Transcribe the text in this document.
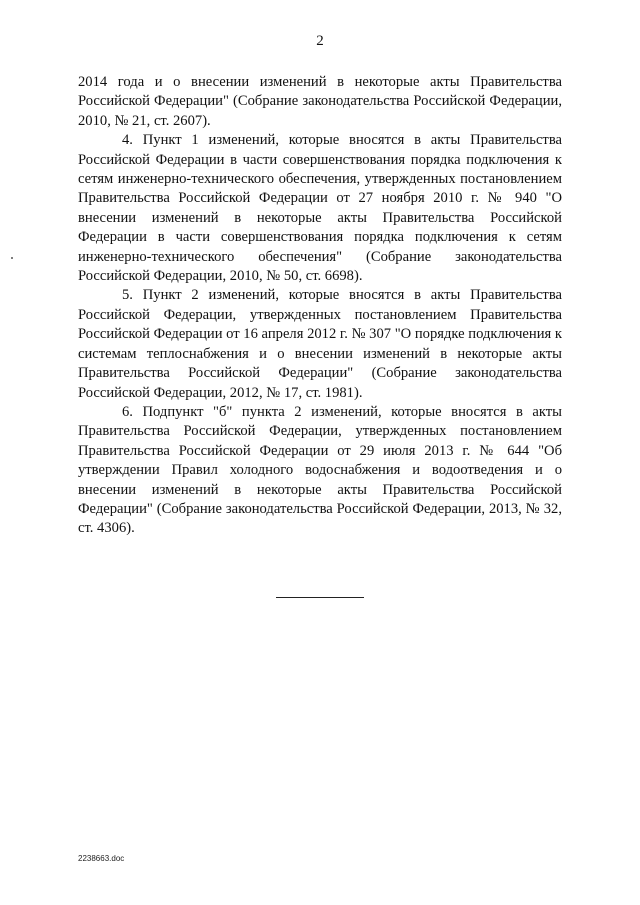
2

2014 года и о внесении изменений в некоторые акты Правительства Российской Федерации" (Собрание законодательства Российской Федерации, 2010, № 21, ст. 2607).

4. Пункт 1 изменений, которые вносятся в акты Правительства Российской Федерации в части совершенствования порядка подключения к сетям инженерно-технического обеспечения, утвержденных постановлением Правительства Российской Федерации от 27 ноября 2010 г. № 940 "О внесении изменений в некоторые акты Правительства Российской Федерации в части совершенствования порядка подключения к сетям инженерно-технического обеспечения" (Собрание законодательства Российской Федерации, 2010, № 50, ст. 6698).

5. Пункт 2 изменений, которые вносятся в акты Правительства Российской Федерации, утвержденных постановлением Правительства Российской Федерации от 16 апреля 2012 г. № 307 "О порядке подключения к системам теплоснабжения и о внесении изменений в некоторые акты Правительства Российской Федерации" (Собрание законодательства Российской Федерации, 2012, № 17, ст. 1981).

6. Подпункт "б" пункта 2 изменений, которые вносятся в акты Правительства Российской Федерации, утвержденных постановлением Правительства Российской Федерации от 29 июля 2013 г. № 644 "Об утверждении Правил холодного водоснабжения и водоотведения и о внесении изменений в некоторые акты Правительства Российской Федерации" (Собрание законодательства Российской Федерации, 2013, № 32, ст. 4306).

2238663.doc
